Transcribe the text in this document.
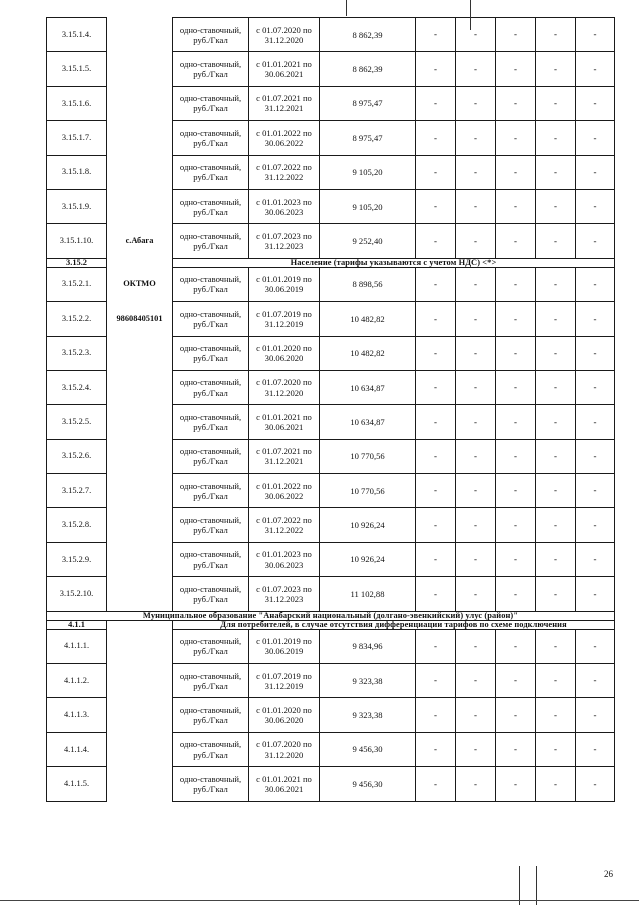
3.15.1.4.		одно-ставочный, руб./Гкал	с 01.07.2020 по 31.12.2020	8 862,39	-	-	-	-	-
3.15.1.5.		одно-ставочный, руб./Гкал	с 01.01.2021 по 30.06.2021	8 862,39	-	-	-	-	-
3.15.1.6.		одно-ставочный, руб./Гкал	с 01.07.2021 по 31.12.2021	8 975,47	-	-	-	-	-
3.15.1.7.		одно-ставочный, руб./Гкал	с 01.01.2022 по 30.06.2022	8 975,47	-	-	-	-	-
3.15.1.8.		одно-ставочный, руб./Гкал	с 01.07.2022 по 31.12.2022	9 105,20	-	-	-	-	-
3.15.1.9.		одно-ставочный, руб./Гкал	с 01.01.2023 по 30.06.2023	9 105,20	-	-	-	-	-
3.15.1.10.	с.Абага	одно-ставочный, руб./Гкал	с 01.07.2023 по 31.12.2023	9 252,40	-	-	-	-	-
3.15.2		Население (тарифы указываются с учетом НДС) <*>							
3.15.2.1.	ОКТМО	одно-ставочный, руб./Гкал	с 01.01.2019 по 30.06.2019	8 898,56	-	-	-	-	-
3.15.2.2.	98608405101	одно-ставочный, руб./Гкал	с 01.07.2019 по 31.12.2019	10 482,82	-	-	-	-	-
3.15.2.3.		одно-ставочный, руб./Гкал	с 01.01.2020 по 30.06.2020	10 482,82	-	-	-	-	-
3.15.2.4.		одно-ставочный, руб./Гкал	с 01.07.2020 по 31.12.2020	10 634,87	-	-	-	-	-
3.15.2.5.		одно-ставочный, руб./Гкал	с 01.01.2021 по 30.06.2021	10 634,87	-	-	-	-	-
3.15.2.6.		одно-ставочный, руб./Гкал	с 01.07.2021 по 31.12.2021	10 770,56	-	-	-	-	-
3.15.2.7.		одно-ставочный, руб./Гкал	с 01.01.2022 по 30.06.2022	10 770,56	-	-	-	-	-
3.15.2.8.		одно-ставочный, руб./Гкал	с 01.07.2022 по 31.12.2022	10 926,24	-	-	-	-	-
3.15.2.9.		одно-ставочный, руб./Гкал	с 01.01.2023 по 30.06.2023	10 926,24	-	-	-	-	-
3.15.2.10.		одно-ставочный, руб./Гкал	с 01.07.2023 по 31.12.2023	11 102,88	-	-	-	-	-
Муниципальное образование "Анабарский национальный (долгано-эвенкийский) улус (район)"									
4.1.1		Для потребителей, в случае отсутствия дифференциации тарифов по схеме подключения							
4.1.1.1.		одно-ставочный, руб./Гкал	с 01.01.2019 по 30.06.2019	9 834,96	-	-	-	-	-
4.1.1.2.		одно-ставочный, руб./Гкал	с 01.07.2019 по 31.12.2019	9 323,38	-	-	-	-	-
4.1.1.3.		одно-ставочный, руб./Гкал	с 01.01.2020 по 30.06.2020	9 323,38	-	-	-	-	-
4.1.1.4.		одно-ставочный, руб./Гкал	с 01.07.2020 по 31.12.2020	9 456,30	-	-	-	-	-
4.1.1.5.		одно-ставочный, руб./Гкал	с 01.01.2021 по 30.06.2021	9 456,30	-	-	-	-	-
26
